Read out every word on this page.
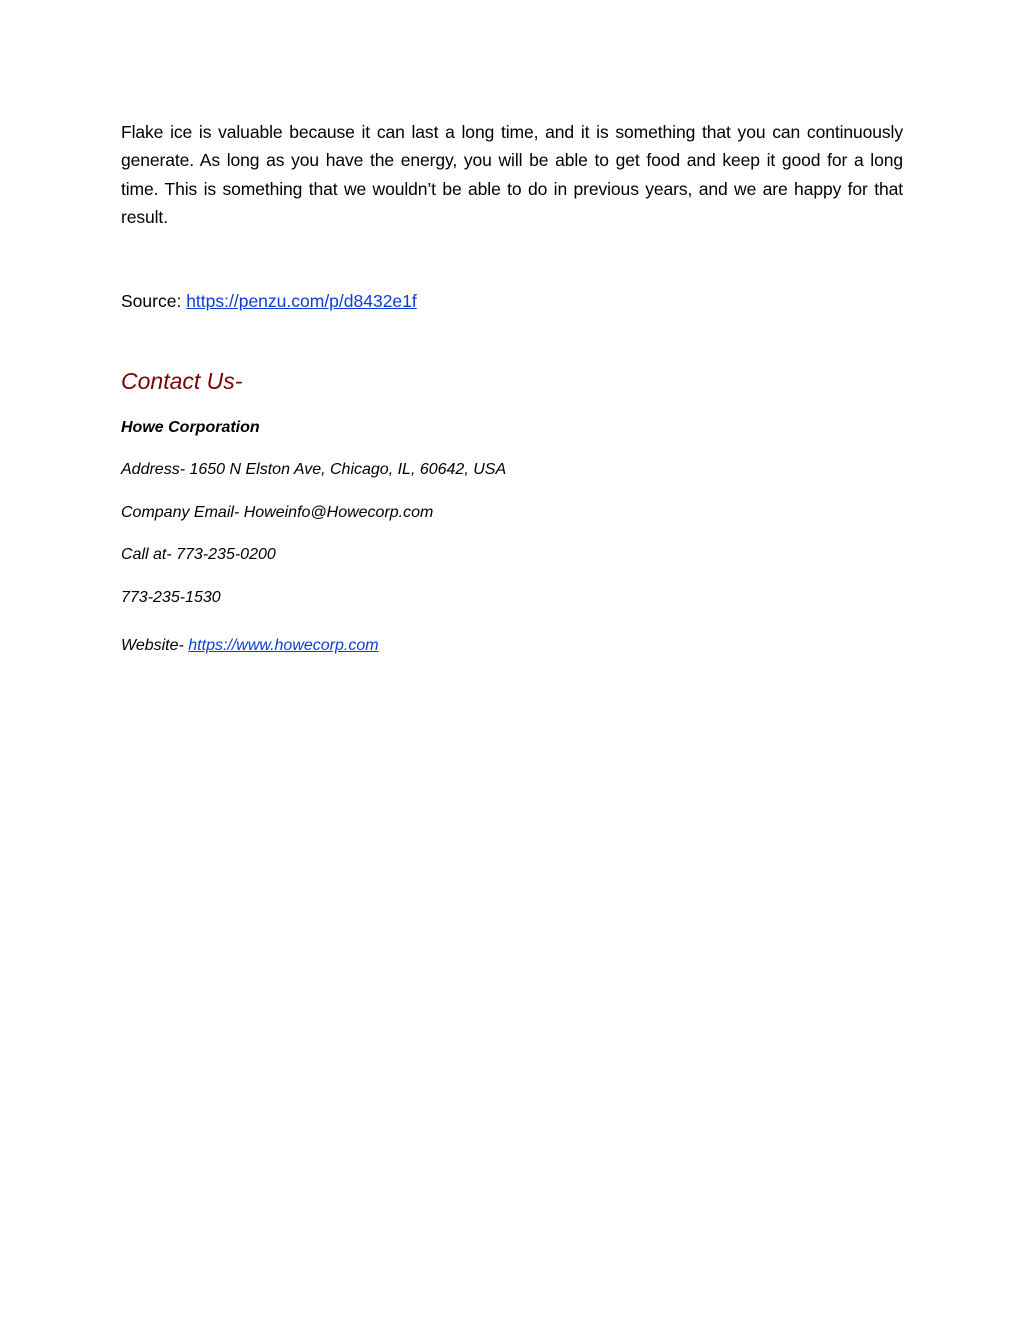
Flake ice is valuable because it can last a long time, and it is something that you can continuously generate. As long as you have the energy, you will be able to get food and keep it good for a long time. This is something that we wouldn’t be able to do in previous years, and we are happy for that result.

Source: https://penzu.com/p/d8432e1f

Contact Us-

Howe Corporation

Address- 1650 N Elston Ave, Chicago, IL, 60642, USA

Company Email- Howeinfo@Howecorp.com

Call at- 773-235-0200

773-235-1530

Website- https://www.howecorp.com
